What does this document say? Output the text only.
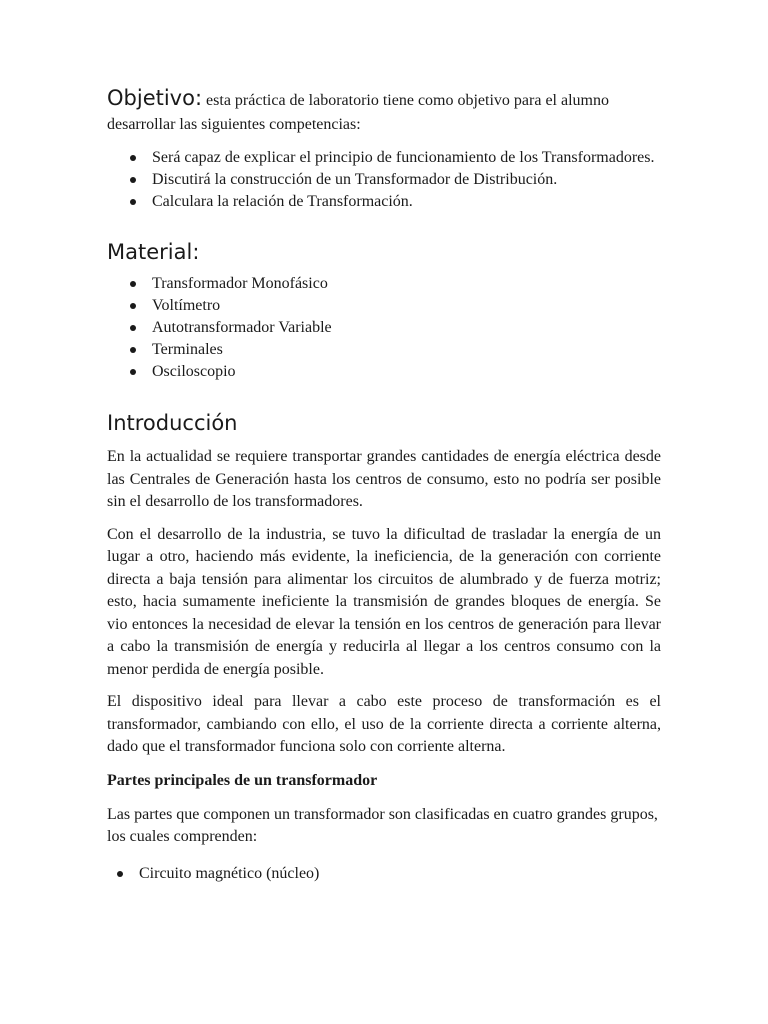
Objetivo: esta práctica de laboratorio tiene como objetivo para el alumno desarrollar las siguientes competencias:

Será capaz de explicar el principio de funcionamiento de los Transformadores.
Discutirá la construcción de un Transformador de Distribución.
Calculara la relación de Transformación.
Material:
Transformador Monofásico
Voltímetro
Autotransformador Variable
Terminales
Osciloscopio
Introducción

En la actualidad se requiere transportar grandes cantidades de energía eléctrica desde las Centrales de Generación hasta los centros de consumo, esto no podría ser posible sin el desarrollo de los transformadores.

Con el desarrollo de la industria, se tuvo la dificultad de trasladar la energía de un lugar a otro, haciendo más evidente, la ineficiencia, de la generación con corriente directa a baja tensión para alimentar los circuitos de alumbrado y de fuerza motriz; esto, hacia sumamente ineficiente la transmisión de grandes bloques de energía. Se vio entonces la necesidad de elevar la tensión en los centros de generación para llevar a cabo la transmisión de energía y reducirla al llegar a los centros consumo con la menor perdida de energía posible.

El dispositivo ideal para llevar a cabo este proceso de transformación es el transformador, cambiando con ello, el uso de la corriente directa a corriente alterna, dado que el transformador funciona solo con corriente alterna.

Partes principales de un transformador

Las partes que componen un transformador son clasificadas en cuatro grandes grupos, los cuales comprenden:

Circuito magnético (núcleo)
